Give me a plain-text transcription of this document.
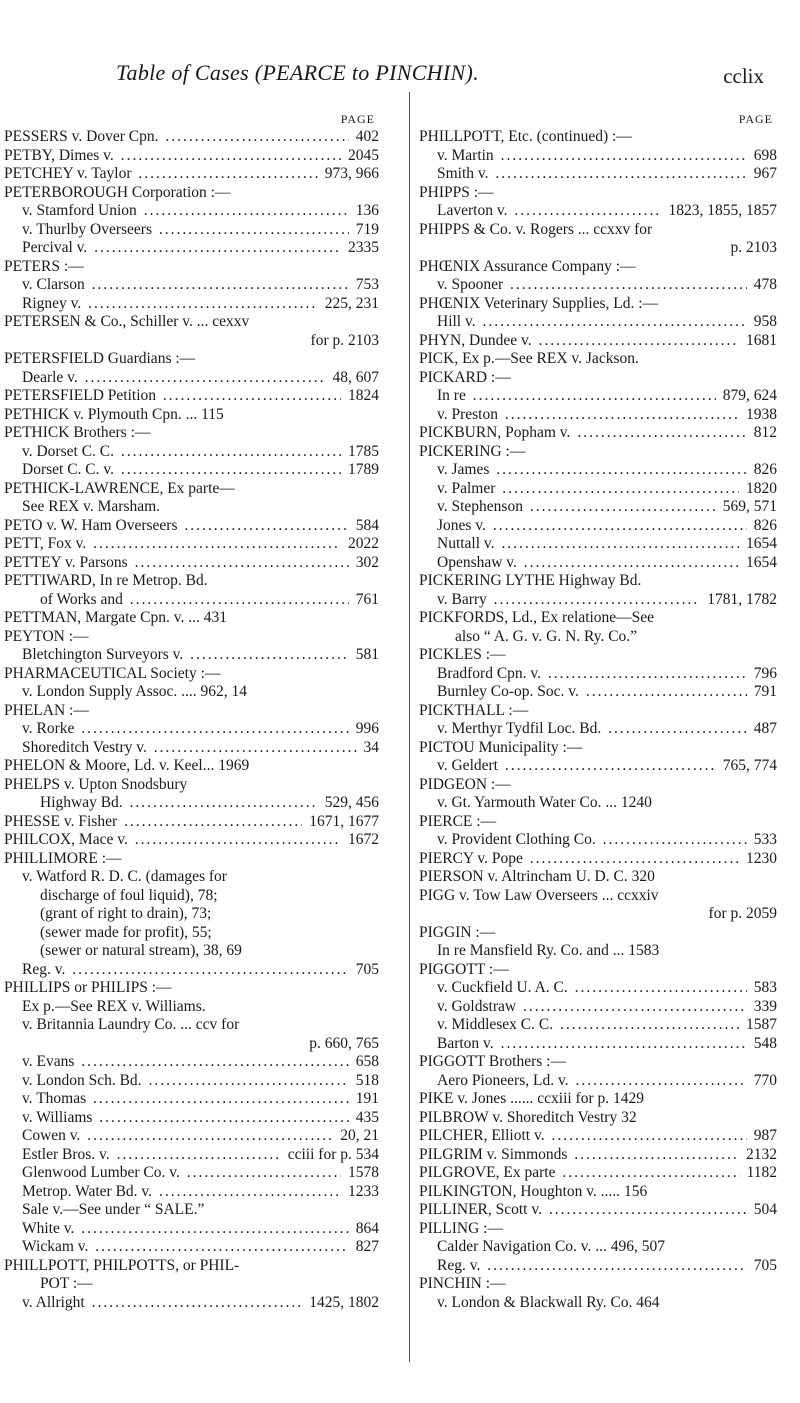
Table of Cases (PEARCE to PINCHIN).	cclix
PAGE
PESSERS v. Dover Cpn. .....	402
PETBY, Dimes v. .....	2045
PETCHEY v. Taylor .....	973, 966
PETERBOROUGH Corporation :—
v. Stamford Union .....	136
v. Thurlby Overseers .....	719
Percival v. .....	2335
PETERS :—
v. Clarson .....	753
Rigney v. .....	225, 231
PETERSEN & Co., Schiller v. ... cexxv
for p. 2103
PETERSFIELD Guardians :—
Dearle v. .....	48, 607
PETERSFIELD Petition .....	1824
PETHICK v. Plymouth Cpn. ... 115
PETHICK Brothers :—
v. Dorset C. C. .....	1785
Dorset C. C. v. .....	1789
PETHICK-LAWRENCE, Ex parte—
See REX v. Marsham.
PETO v. W. Ham Overseers .....	584
PETT, Fox v. .....	2022
PETTEY v. Parsons .....	302
PETTIWARD, In re Metrop. Bd.
of Works and .....	761
PETTMAN, Margate Cpn. v. ... 431
PEYTON :—
Bletchington Surveyors v. .....	581
PHARMACEUTICAL Society :—
v. London Supply Assoc. .... 962, 14
PHELAN :—
v. Rorke .....	996
Shoreditch Vestry v. .....	34
PHELON & Moore, Ld. v. Keel... 1969
PHELPS v. Upton Snodsbury
Highway Bd. .....	529, 456
PHESSE v. Fisher .....	1671, 1677
PHILCOX, Mace v. .....	1672
PHILLIMORE :—
v. Watford R. D. C. (damages for
discharge of foul liquid), 78;
(grant of right to drain), 73;
(sewer made for profit), 55;
(sewer or natural stream), 38, 69
Reg. v. .....	705
PHILLIPS or PHILIPS :—
Ex p.—See REX v. Williams.
v. Britannia Laundry Co. ... ccv for
p. 660, 765
v. Evans .....	658
v. London Sch. Bd. .....	518
v. Thomas .....	191
v. Williams .....	435
Cowen v. .....	20, 21
Estler Bros. v. .....	cciii for p. 534
Glenwood Lumber Co. v. .....	1578
Metrop. Water Bd. v. .....	1233
Sale v.—See under “ SALE.”
White v. .....	864
Wickam v. .....	827
PHILLPOTT, PHILPOTTS, or PHIL-
POT :—
v. Allright .....	1425, 1802
PAGE
PHILLPOTT, Etc. (continued) :—
v. Martin .....	698
Smith v. .....	967
PHIPPS :—
Laverton v. .....	1823, 1855, 1857
PHIPPS & Co. v. Rogers ... ccxxv for
p. 2103
PHŒNIX Assurance Company :—
v. Spooner .....	478
PHŒNIX Veterinary Supplies, Ld. :—
Hill v. .....	958
PHYN, Dundee v. .....	1681
PICK, Ex p.—See REX v. Jackson.
PICKARD :—
In re .....	879, 624
v. Preston .....	1938
PICKBURN, Popham v. .....	812
PICKERING :—
v. James .....	826
v. Palmer .....	1820
v. Stephenson .....	569, 571
Jones v. .....	826
Nuttall v. .....	1654
Openshaw v. .....	1654
PICKERING LYTHE Highway Bd.
v. Barry .....	1781, 1782
PICKFORDS, Ld., Ex relatione—See
also “ A. G. v. G. N. Ry. Co.”
PICKLES :—
Bradford Cpn. v. .....	796
Burnley Co-op. Soc. v. .....	791
PICKTHALL :—
v. Merthyr Tydfil Loc. Bd. .....	487
PICTOU Municipality :—
v. Geldert .....	765, 774
PIDGEON :—
v. Gt. Yarmouth Water Co. ... 1240
PIERCE :—
v. Provident Clothing Co. .....	533
PIERCY v. Pope .....	1230
PIERSON v. Altrincham U. D. C. 320
PIGG v. Tow Law Overseers ... ccxxiv
for p. 2059
PIGGIN :—
In re Mansfield Ry. Co. and ... 1583
PIGGOTT :—
v. Cuckfield U. A. C. .....	583
v. Goldstraw .....	339
v. Middlesex C. C. .....	1587
Barton v. .....	548
PIGGOTT Brothers :—
Aero Pioneers, Ld. v. .....	770
PIKE v. Jones ...... ccxiii for p. 1429
PILBROW v. Shoreditch Vestry 32
PILCHER, Elliott v. .....	987
PILGRIM v. Simmonds .....	2132
PILGROVE, Ex parte .....	1182
PILKINGTON, Houghton v. ..... 156
PILLINER, Scott v. .....	504
PILLING :—
Calder Navigation Co. v. ... 496, 507
Reg. v. .....	705
PINCHIN :—
v. London & Blackwall Ry. Co. 464
